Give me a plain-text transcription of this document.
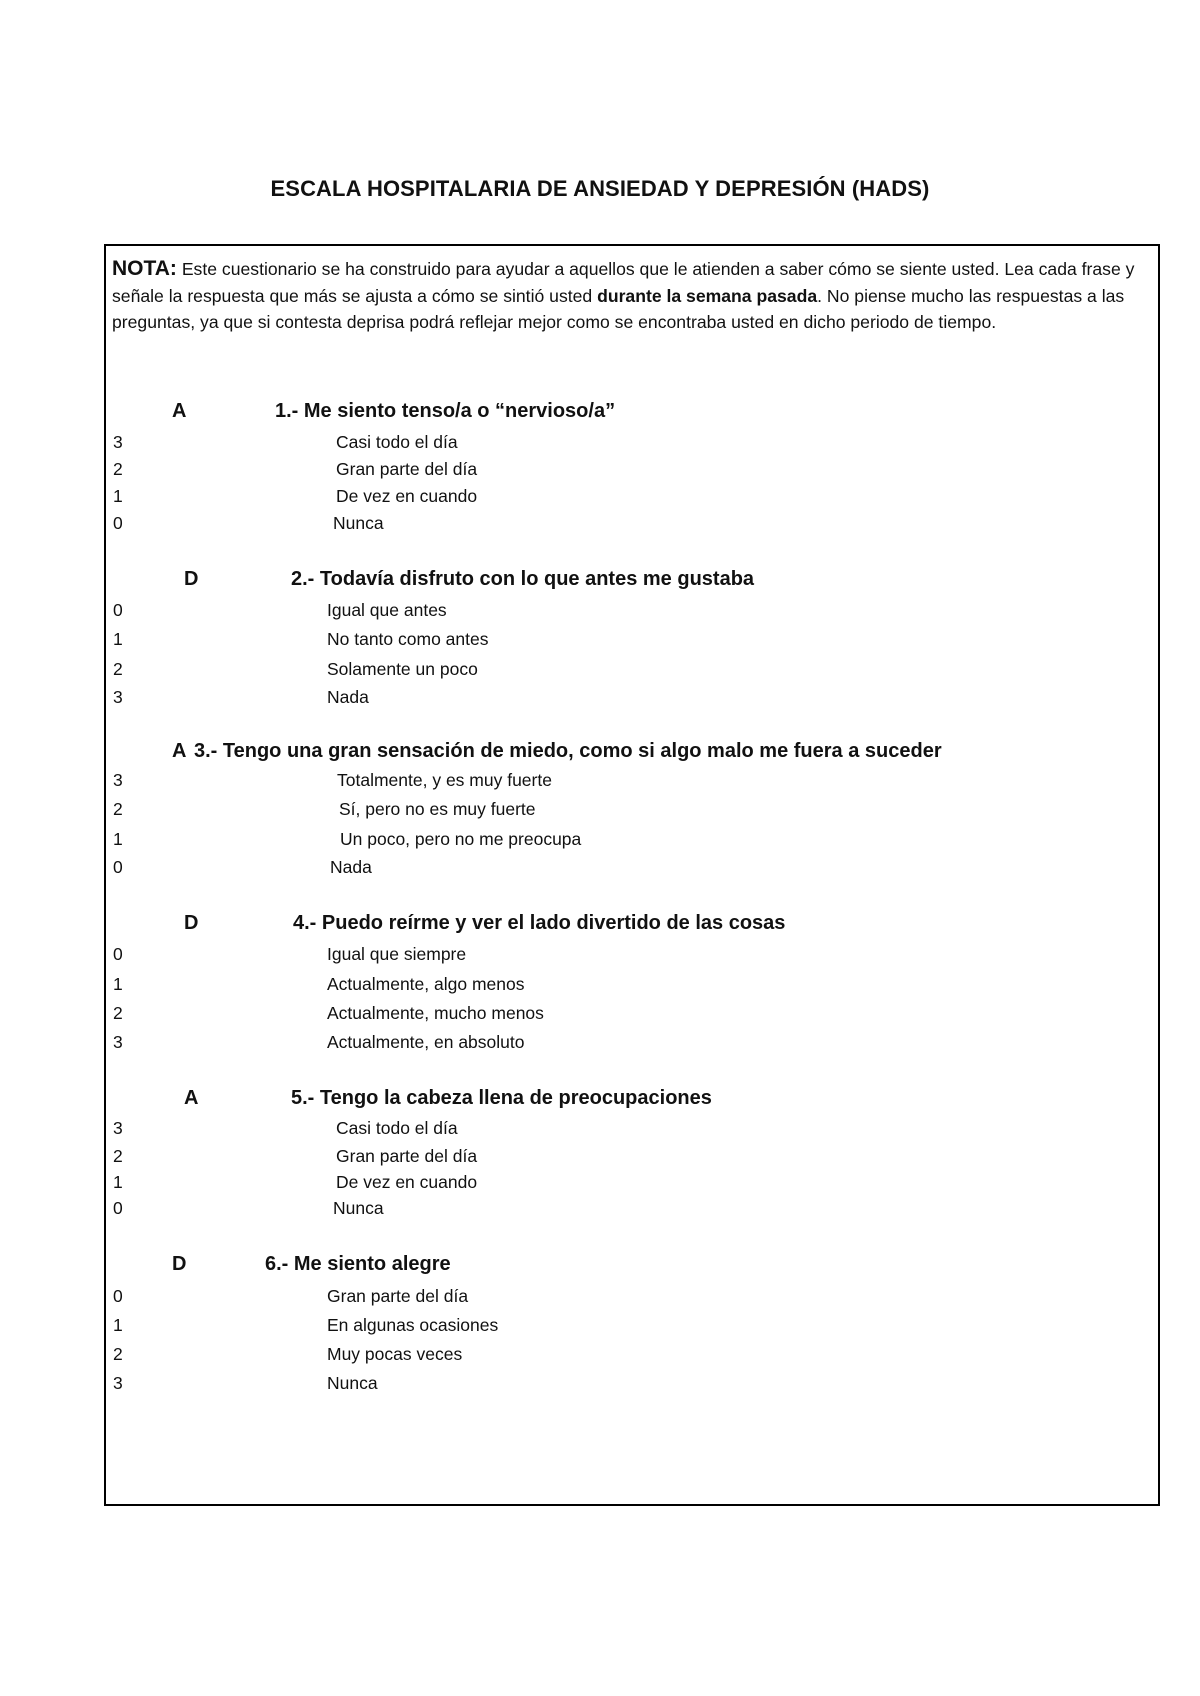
ESCALA HOSPITALARIA DE ANSIEDAD Y DEPRESIÓN (HADS)
NOTA: Este cuestionario se ha construido para ayudar a aquellos que le atienden a saber cómo se siente usted. Lea cada frase y señale la respuesta que más se ajusta a cómo se sintió usted durante la semana pasada. No piense mucho las respuestas a las preguntas, ya que si contesta deprisa podrá reflejar mejor como se encontraba usted en dicho periodo de tiempo.
A	1.- Me siento tenso/a o “nervioso/a”
3	Casi todo el día
2	Gran parte del día
1	De vez en cuando
0	Nunca
D	2.- Todavía disfruto con lo que antes me gustaba
0	Igual que antes
1	No tanto como antes
2	Solamente un poco
3	Nada
A 3.- Tengo una gran sensación de miedo, como si algo malo me fuera a suceder
3	Totalmente, y es muy fuerte
2	Sí, pero no es muy fuerte
1	Un poco, pero no me preocupa
0	Nada
D	4.- Puedo reírme y ver el lado divertido de las cosas
0	Igual que siempre
1	Actualmente, algo menos
2	Actualmente, mucho menos
3	Actualmente, en absoluto
A	5.- Tengo la cabeza llena de preocupaciones
3	Casi todo el día
2	Gran parte del día
1	De vez en cuando
0	Nunca
D	6.- Me siento alegre
0	Gran parte del día
1	En algunas ocasiones
2	Muy pocas veces
3	Nunca
